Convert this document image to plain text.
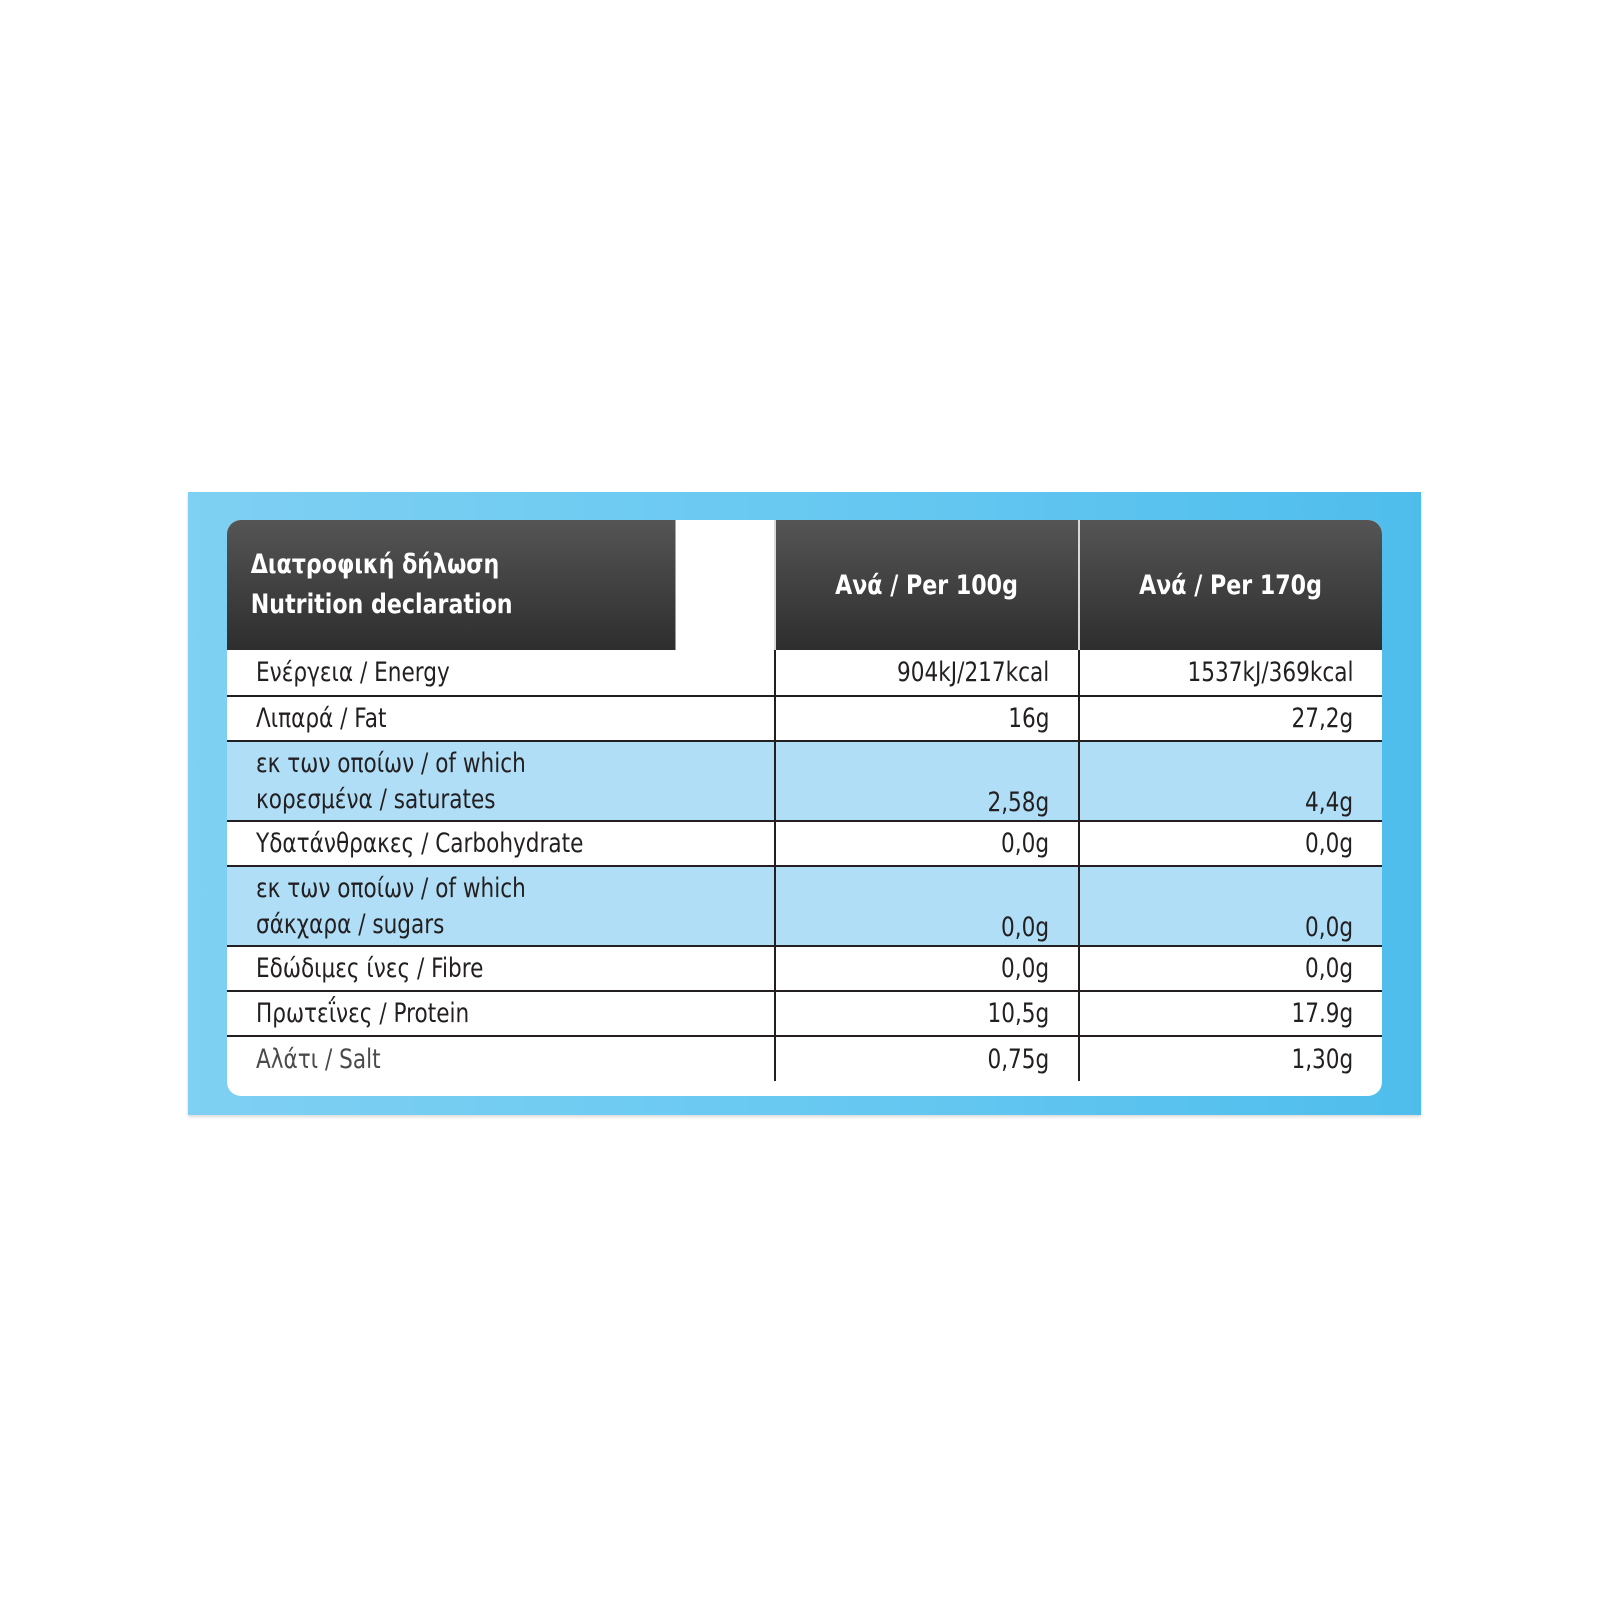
Διατροφική δήλωση
Nutrition declaration	Ανά / Per 100g	Ανά / Per 170g
Ενέργεια / Energy	904kJ/217kcal	1537kJ/369kcal
Λιπαρά / Fat	16g	27,2g

εκ των οποίων / of which
κορεσμένα / saturates	2,58g	4,4g
Υδατάνθρακες / Carbohydrate	0,0g	0,0g

εκ των οποίων / of which
σάκχαρα / sugars	0,0g	0,0g
Εδώδιμες ίνες / Fibre	0,0g	0,0g
Πρωτεΐνες / Protein	10,5g	17.9g
Αλάτι / Salt	0,75g	1,30g
